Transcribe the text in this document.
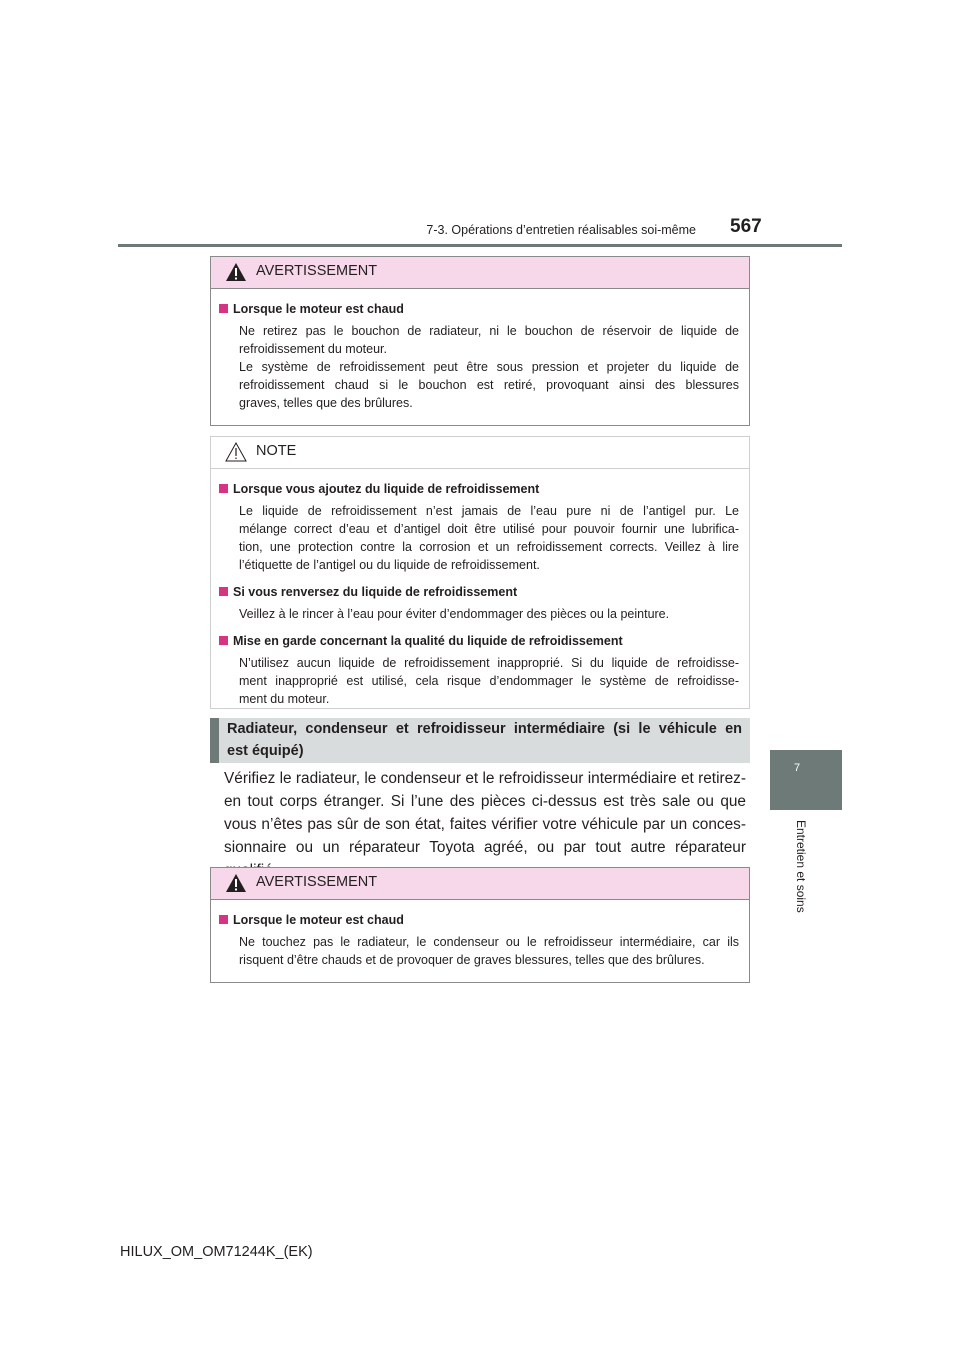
7-3. Opérations d’entretien réalisables soi-même 567
7
Entretien et soins
AVERTISSEMENT

Lorsque le moteur est chaud

Ne retirez pas le bouchon de radiateur, ni le bouchon de réservoir de liquide de
refroidissement du moteur.
Le système de refroidissement peut être sous pression et projeter du liquide de
refroidissement chaud si le bouchon est retiré, provoquant ainsi des blessures
graves, telles que des brûlures.

NOTE

Lorsque vous ajoutez du liquide de refroidissement

Le liquide de refroidissement n’est jamais de l’eau pure ni de l’antigel pur. Le
mélange correct d’eau et d’antigel doit être utilisé pour pouvoir fournir une lubrifica-
tion, une protection contre la corrosion et un refroidissement corrects. Veillez à lire
l’étiquette de l’antigel ou du liquide de refroidissement.

Si vous renversez du liquide de refroidissement

Veillez à le rincer à l’eau pour éviter d’endommager des pièces ou la peinture.

Mise en garde concernant la qualité du liquide de refroidissement

N’utilisez aucun liquide de refroidissement inapproprié. Si du liquide de refroidisse-
ment inapproprié est utilisé, cela risque d’endommager le système de refroidisse-
ment du moteur.

Radiateur, condenseur et refroidisseur intermédiaire (si le véhicule en
est équipé)
Vérifiez le radiateur, le condenseur et le refroidisseur intermédiaire et retirez-
en tout corps étranger. Si l’une des pièces ci-dessus est très sale ou que
vous n’êtes pas sûr de son état, faites vérifier votre véhicule par un conces-
sionnaire ou un réparateur Toyota agréé, ou par tout autre réparateur
AVERTISSEMENT

Lorsque le moteur est chaud

Ne touchez pas le radiateur, le condenseur ou le refroidisseur intermédiaire, car ils
risquent d’être chauds et de provoquer de graves blessures, telles que des brûlures.

HILUX_OM_OM71244K_(EK)
